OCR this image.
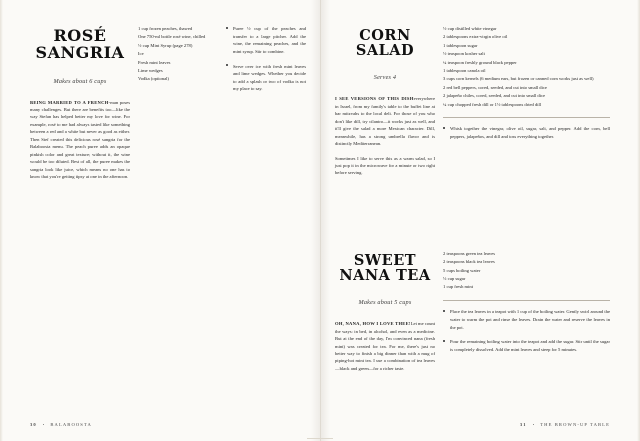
ROSÉ SANGRIA
Makes about 6 cups
BEING MARRIED TO A FRENCH-man poses many challenges. But there are benefits too—like the way Stefan has helped better my love for wine. For example, rosé to me had always tasted like something between a red and a white but never as good as either. Then Stef created this delicious rosé sangria for the Balaboosta menu. The peach puree adds an opaque pinkish color and great texture; without it, the wine would be too diluted. Best of all, the puree makes the sangria look like juice, which means no one has to know that you're getting tipsy at one in the afternoon.
1 cup frozen peaches, thawed
One 750-ml bottle rosé wine, chilled
½ cup Mint Syrup (page 278)
Ice
Fresh mint leaves
Lime wedges
Vodka (optional)
Puree ½ cup of the peaches and transfer to a large pitcher. Add the wine, the remaining peaches, and the mint syrup. Stir to combine.
Serve over ice with fresh mint leaves and lime wedges. Whether you decide to add a splash or two of vodka is not my place to say.
30	BALABOOSTA
CORN SALAD
Serves 4
I SEE VERSIONS OF THIS DISHeverywhere in Israel, from my family's table to the buffet line at bar mitzvahs to the local deli. For those of you who don't like dill, try cilantro—it works just as well, and it'll give the salad a more Mexican character. Dill, meanwhile, has a strong umbrella flavor and is distinctly Mediterranean.
Sometimes I like to serve this as a warm salad, so I just pop it in the microwave for a minute or two right before serving.
½ cup distilled white vinegar
2 tablespoons extra-virgin olive oil
1 tablespoon sugar
½ teaspoon kosher salt
¼ teaspoon freshly ground black pepper
1 tablespoon canola oil
3 cups corn kernels (6 medium ears, but frozen or canned corn works just as well)
2 red bell peppers, cored, seeded, and cut into small dice
2 jalapeño chiles, cored, seeded, and cut into small dice
¼ cup chopped fresh dill or 1½ tablespoons dried dill
Whisk together the vinegar, olive oil, sugar, salt, and pepper. Add the corn, bell peppers, jalapeños, and dill and toss everything together.
SWEET NANA TEA
Makes about 5 cups
OH, NANA, HOW I LOVE THEE!Let me count the ways: in bed, in alcohol, and even as a medicine. But at the end of the day, I'm convinced nana (fresh mint) was created for tea. For me, there's just no better way to finish a big dinner than with a mug of piping-hot mint tea. I use a combination of tea leaves—black and green—for a richer taste.
2 teaspoons green tea leaves
2 teaspoons black tea leaves
5 cups boiling water
⅓ cup sugar
1 cup fresh mint
Place the tea leaves in a teapot with 1 cup of the boiling water. Gently swirl around the water to warm the pot and rinse the leaves. Drain the water and reserve the leaves in the pot.
Pour the remaining boiling water into the teapot and add the sugar. Stir until the sugar is completely dissolved. Add the mint leaves and steep for 5 minutes.
31	THE BROWN-UP TABLE
